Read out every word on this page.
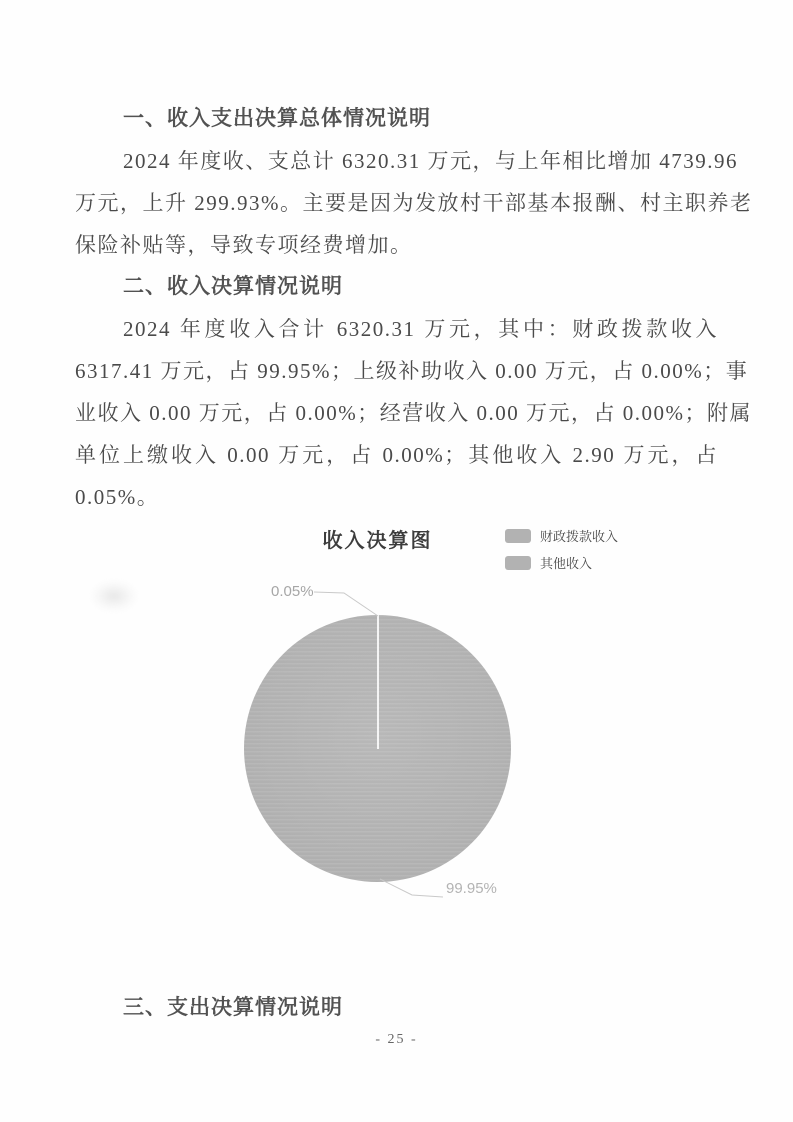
一、收入支出决算总体情况说明
2024 年度收、支总计 6320.31 万元，与上年相比增加 4739.96
万元，上升 299.93%。主要是因为发放村干部基本报酬、村主职养老
保险补贴等，导致专项经费增加。
二、收入决算情况说明
2024 年度收入合计 6320.31 万元，其中：财政拨款收入
6317.41 万元，占 99.95%；上级补助收入 0.00 万元，占 0.00%；事
业收入 0.00 万元，占 0.00%；经营收入 0.00 万元，占 0.00%；附属
单位上缴收入 0.00 万元，占 0.00%；其他收入 2.90 万元，占
0.05%。
收入决算图	财政拨款收入
其他收入
0.05%
99.95%
三、支出决算情况说明
- 25 -
